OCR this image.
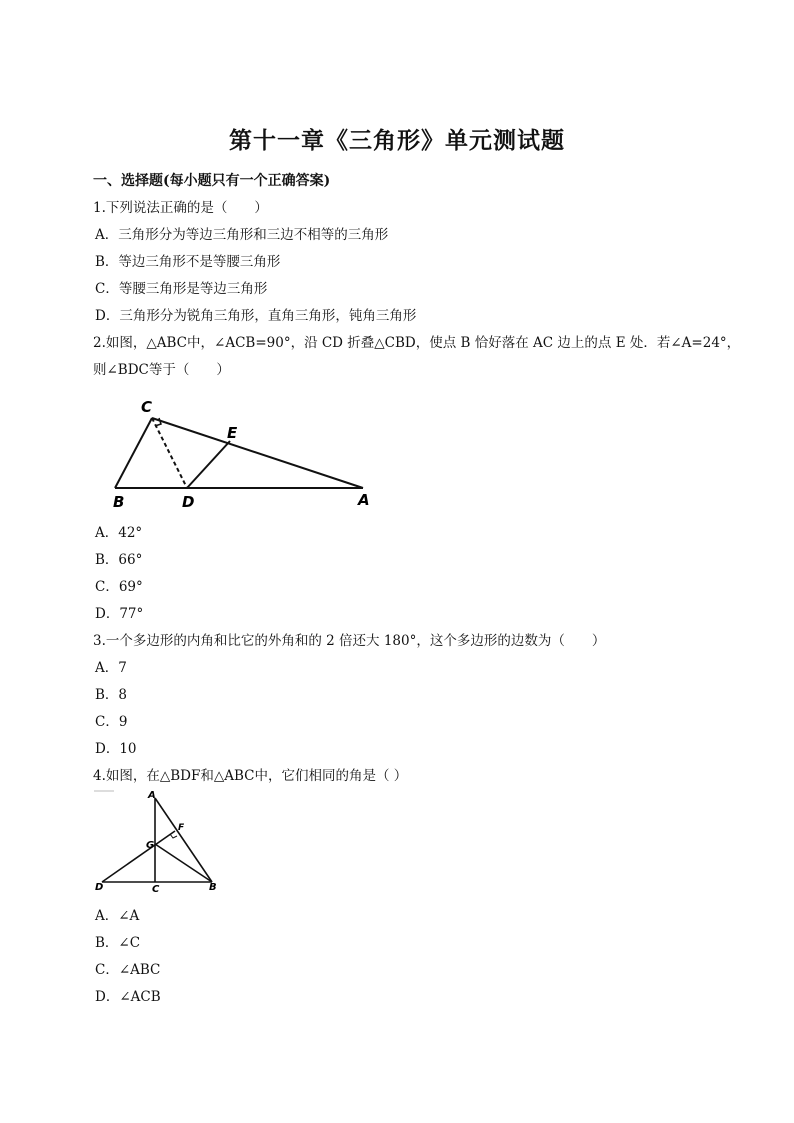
第十一章《三角形》单元测试题
一、选择题(每小题只有一个正确答案)
1.下列说法正确的是（　　）
A．三角形分为等边三角形和三边不相等的三角形
B．等边三角形不是等腰三角形
C．等腰三角形是等边三角形
D．三角形分为锐角三角形，直角三角形，钝角三角形
2.如图，△ABC中，∠ACB=90°，沿 CD 折叠△CBD，使点 B 恰好落在 AC 边上的点 E 处．若∠A=24°，
则∠BDC等于（　　）
C
E
B	D	A
A．42°
B．66°
C．69°
D．77°
3.一个多边形的内角和比它的外角和的 2 倍还大 180°，这个多边形的边数为（　　）
A．7
B．8
C．9
D．10
4.如图，在△BDF和△ABC中，它们相同的角是（ ）
A
F
G
D	C	B
A．∠A
B．∠C
C．∠ABC
D．∠ACB
